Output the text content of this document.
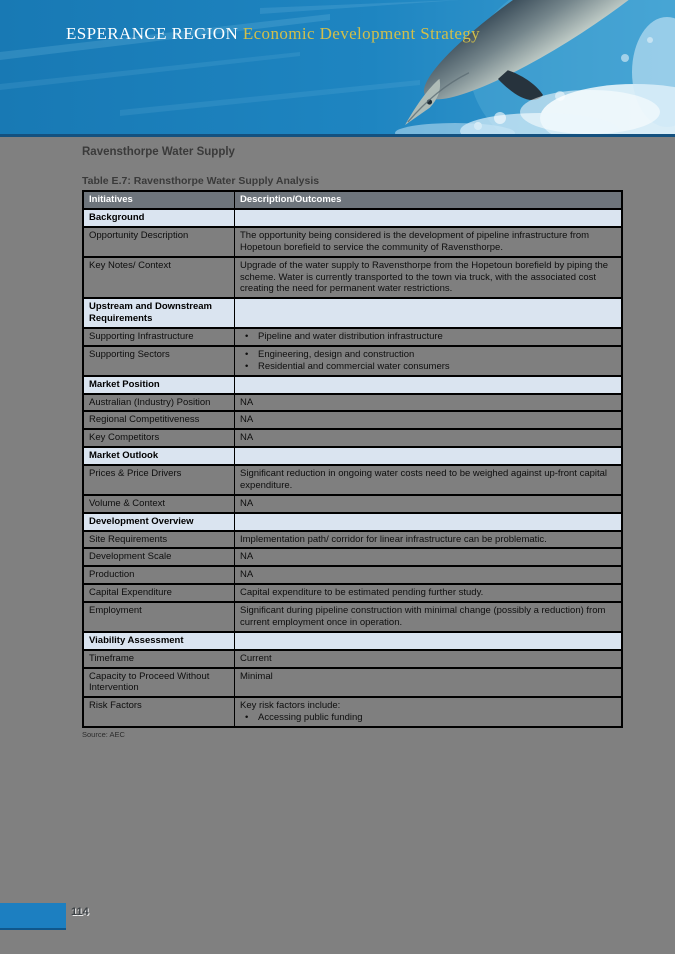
ESPERANCE REGION Economic Development Strategy
Ravensthorpe Water Supply
Table E.7: Ravensthorpe Water Supply Analysis
Initiatives	Description/Outcomes
Background	
Opportunity Description	The opportunity being considered is the development of pipeline infrastructure from Hopetoun borefield to service the community of Ravensthorpe.
Key Notes/ Context	Upgrade of the water supply to Ravensthorpe from the Hopetoun borefield by piping the scheme. Water is currently transported to the town via truck, with the associated cost creating the need for permanent water restrictions.
Upstream and Downstream Requirements	
Supporting Infrastructure	• Pipeline and water distribution infrastructure

Supporting Sectors	• Engineering, design and construction
• Residential and commercial water consumers

Market Position	
Australian (Industry) Position	NA
Regional Competitiveness	NA
Key Competitors	NA
Market Outlook	
Prices & Price Drivers	Significant reduction in ongoing water costs need to be weighed against up-front capital expenditure.
Volume & Context	NA
Development Overview	
Site Requirements	Implementation path/ corridor for linear infrastructure can be problematic.
Development Scale	NA
Production	NA
Capital Expenditure	Capital expenditure to be estimated pending further study.
Employment	Significant during pipeline construction with minimal change (possibly a reduction) from current employment once in operation.
Viability Assessment	
Timeframe	Current
Capacity to Proceed Without Intervention	Minimal
Risk Factors	Key risk factors include:
• Accessing public funding
Source: AEC
114
